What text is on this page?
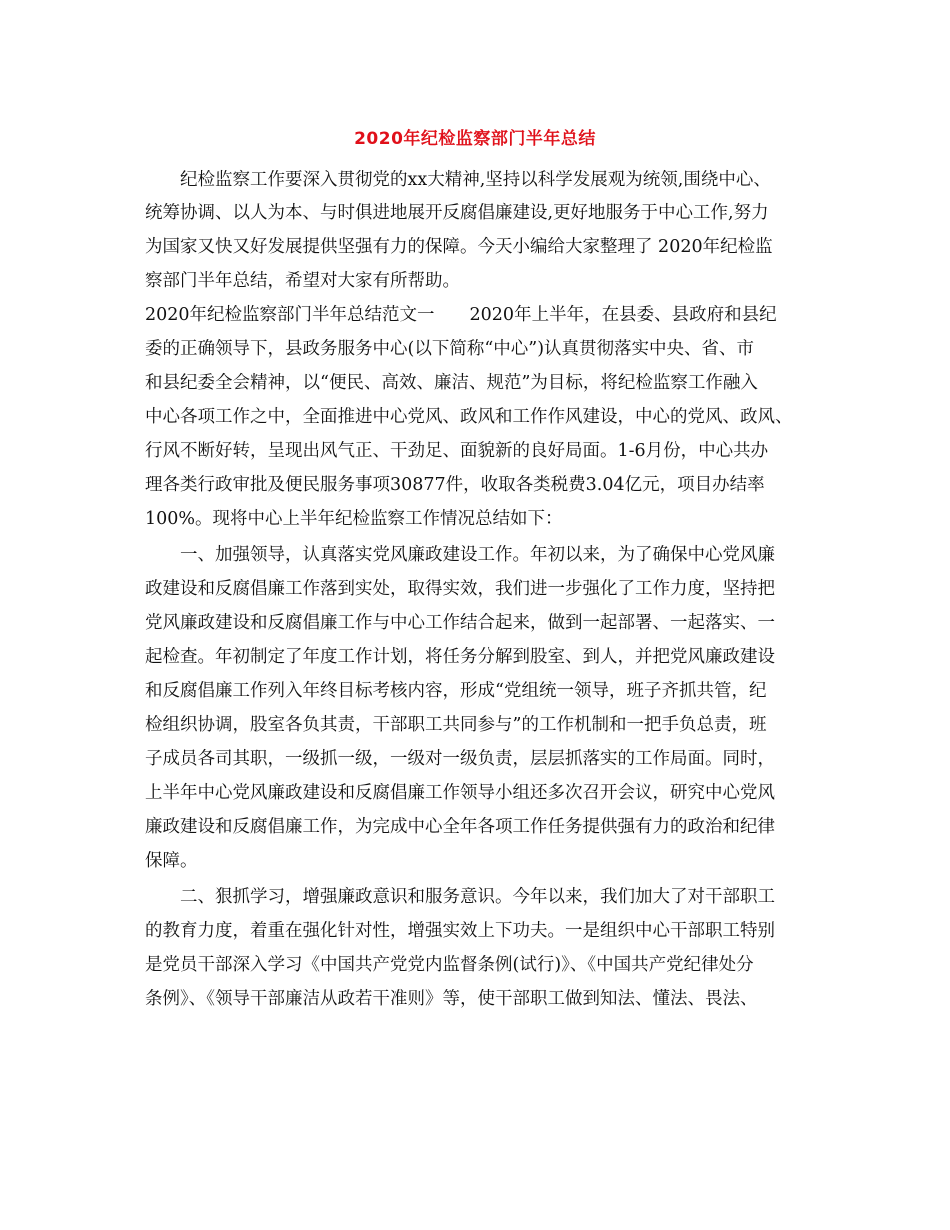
2020年纪检监察部门半年总结
纪检监察工作要深入贯彻党的xx大精神,坚持以科学发展观为统领,围绕中心、
统筹协调、以人为本、与时俱进地展开反腐倡廉建设,更好地服务于中心工作,努力
为国家又快又好发展提供坚强有力的保障。今天小编给大家整理了 2020年纪检监
察部门半年总结，希望对大家有所帮助。
2020年纪检监察部门半年总结范文一　　2020年上半年，在县委、县政府和县纪
委的正确领导下，县政务服务中心(以下简称“中心”)认真贯彻落实中央、省、市
和县纪委全会精神，以“便民、高效、廉洁、规范”为目标，将纪检监察工作融入
中心各项工作之中，全面推进中心党风、政风和工作作风建设，中心的党风、政风、
行风不断好转，呈现出风气正、干劲足、面貌新的良好局面。1-6月份，中心共办
理各类行政审批及便民服务事项30877件，收取各类税费3.04亿元，项目办结率
100%。现将中心上半年纪检监察工作情况总结如下：
一、加强领导，认真落实党风廉政建设工作。年初以来，为了确保中心党风廉
政建设和反腐倡廉工作落到实处，取得实效，我们进一步强化了工作力度，坚持把
党风廉政建设和反腐倡廉工作与中心工作结合起来，做到一起部署、一起落实、一
起检查。年初制定了年度工作计划，将任务分解到股室、到人，并把党风廉政建设
和反腐倡廉工作列入年终目标考核内容，形成“党组统一领导，班子齐抓共管，纪
检组织协调，股室各负其责，干部职工共同参与”的工作机制和一把手负总责，班
子成员各司其职，一级抓一级，一级对一级负责，层层抓落实的工作局面。同时，
上半年中心党风廉政建设和反腐倡廉工作领导小组还多次召开会议，研究中心党风
廉政建设和反腐倡廉工作，为完成中心全年各项工作任务提供强有力的政治和纪律
保障。
二、狠抓学习，增强廉政意识和服务意识。今年以来，我们加大了对干部职工
的教育力度，着重在强化针对性，增强实效上下功夫。一是组织中心干部职工特别
是党员干部深入学习《中国共产党党内监督条例(试行)》、《中国共产党纪律处分
条例》、《领导干部廉洁从政若干准则》等，使干部职工做到知法、懂法、畏法、
